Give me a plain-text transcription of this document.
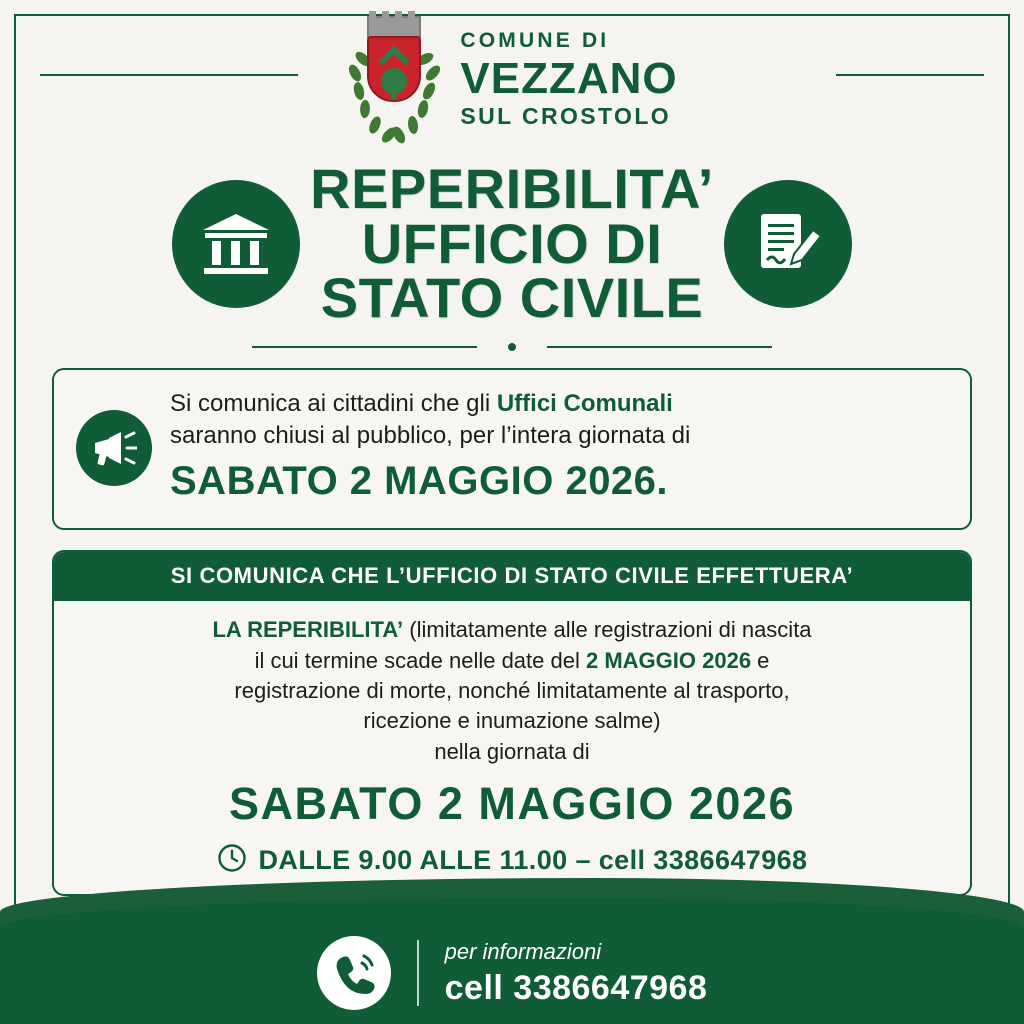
COMUNE DI
VEZZANO
SUL CROSTOLO
REPERIBILITA’
UFFICIO DI
STATO CIVILE
Si comunica ai cittadini che gli Uffici Comunali
saranno chiusi al pubblico, per l’intera giornata di
SABATO 2 MAGGIO 2026.
SI COMUNICA CHE L’UFFICIO DI STATO CIVILE EFFETTUERA’

LA REPERIBILITA’ (limitatamente alle registrazioni di nascita

il cui termine scade nelle date del 2 MAGGIO 2026 e

registrazione di morte, nonché limitatamente al trasporto,

ricezione e inumazione salme)

nella giornata di

SABATO 2 MAGGIO 2026

DALLE 9.00 ALLE 11.00 – cell 3386647968
per informazioni
cell 3386647968
